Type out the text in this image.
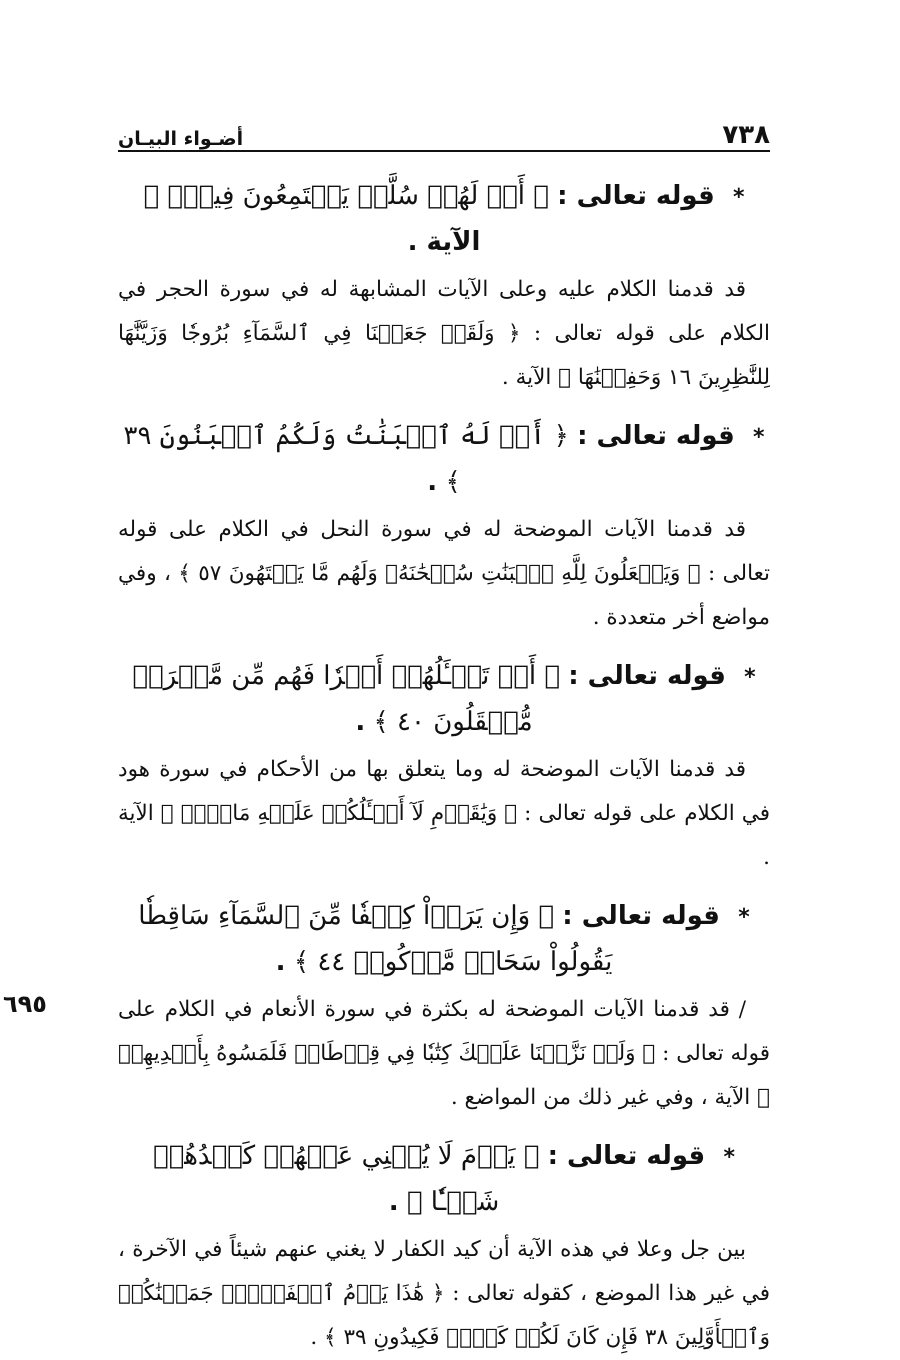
٧٣٨
أضـواء البيـان
* قوله تعالى : ﴿ أَمۡ لَهُمۡ سُلَّمٞ يَسۡتَمِعُونَ فِيهِۖ ﴾ الآية .

قد قدمنا الكلام عليه وعلى الآيات المشابهة له في سورة الحجر في الكلام على قوله تعالى : ﴿ وَلَقَدۡ جَعَلۡنَا فِي ٱلسَّمَآءِ بُرُوجٗا وَزَيَّنَّٰهَا لِلنَّٰظِرِينَ ١٦ وَحَفِظۡنَٰهَا ﴾ الآية .

* قوله تعالى : ﴿ أَمۡ لَهُ ٱلۡبَنَٰتُ وَلَكُمُ ٱلۡبَنُونَ ٣٩ ﴾ .

قد قدمنا الآيات الموضحة له في سورة النحل في الكلام على قوله تعالى : ﴿ وَيَجۡعَلُونَ لِلَّهِ ٱلۡبَنَٰتِ سُبۡحَٰنَهُۥ وَلَهُم مَّا يَشۡتَهُونَ ٥٧ ﴾ ، وفي مواضع أخر متعددة .

* قوله تعالى : ﴿ أَمۡ تَسۡـَٔلُهُمۡ أَجۡرٗا فَهُم مِّن مَّغۡرَمٖ مُّثۡقَلُونَ ٤٠ ﴾ .

قد قدمنا الآيات الموضحة له وما يتعلق بها من الأحكام في سورة هود في الكلام على قوله تعالى : ﴿ وَيَٰقَوۡمِ لَآ أَسۡـَٔلُكُمۡ عَلَيۡهِ مَالًاۖ ﴾ الآية .

* قوله تعالى : ﴿ وَإِن يَرَوۡاْ كِسۡفٗا مِّنَ ٱلسَّمَآءِ سَاقِطٗا يَقُولُواْ سَحَابٞ مَّرۡكُومٞ ٤٤ ﴾ .
٦٩٥	/ قد قدمنا الآيات الموضحة له بكثرة في سورة الأنعام في الكلام على قوله تعالى : ﴿ وَلَوۡ نَزَّلۡنَا عَلَيۡكَ كِتَٰبٗا فِي قِرۡطَاسٖ فَلَمَسُوهُ بِأَيۡدِيهِمۡ ﴾ الآية ، وفي غير ذلك من المواضع .

* قوله تعالى : ﴿ يَوۡمَ لَا يُغۡنِي عَنۡهُمۡ كَيۡدُهُمۡ شَيۡـٔٗا ﴾ .

بين جل وعلا في هذه الآية أن كيد الكفار لا يغني عنهم شيئاً في الآخرة ، في غير هذا الموضع ، كقوله تعالى : ﴿ هَٰذَا يَوۡمُ ٱلۡفَصۡلِۖ جَمَعۡنَٰكُمۡ وَٱلۡأَوَّلِينَ ٣٨ فَإِن كَانَ لَكُمۡ كَيۡدٞ فَكِيدُونِ ٣٩ ﴾ .
